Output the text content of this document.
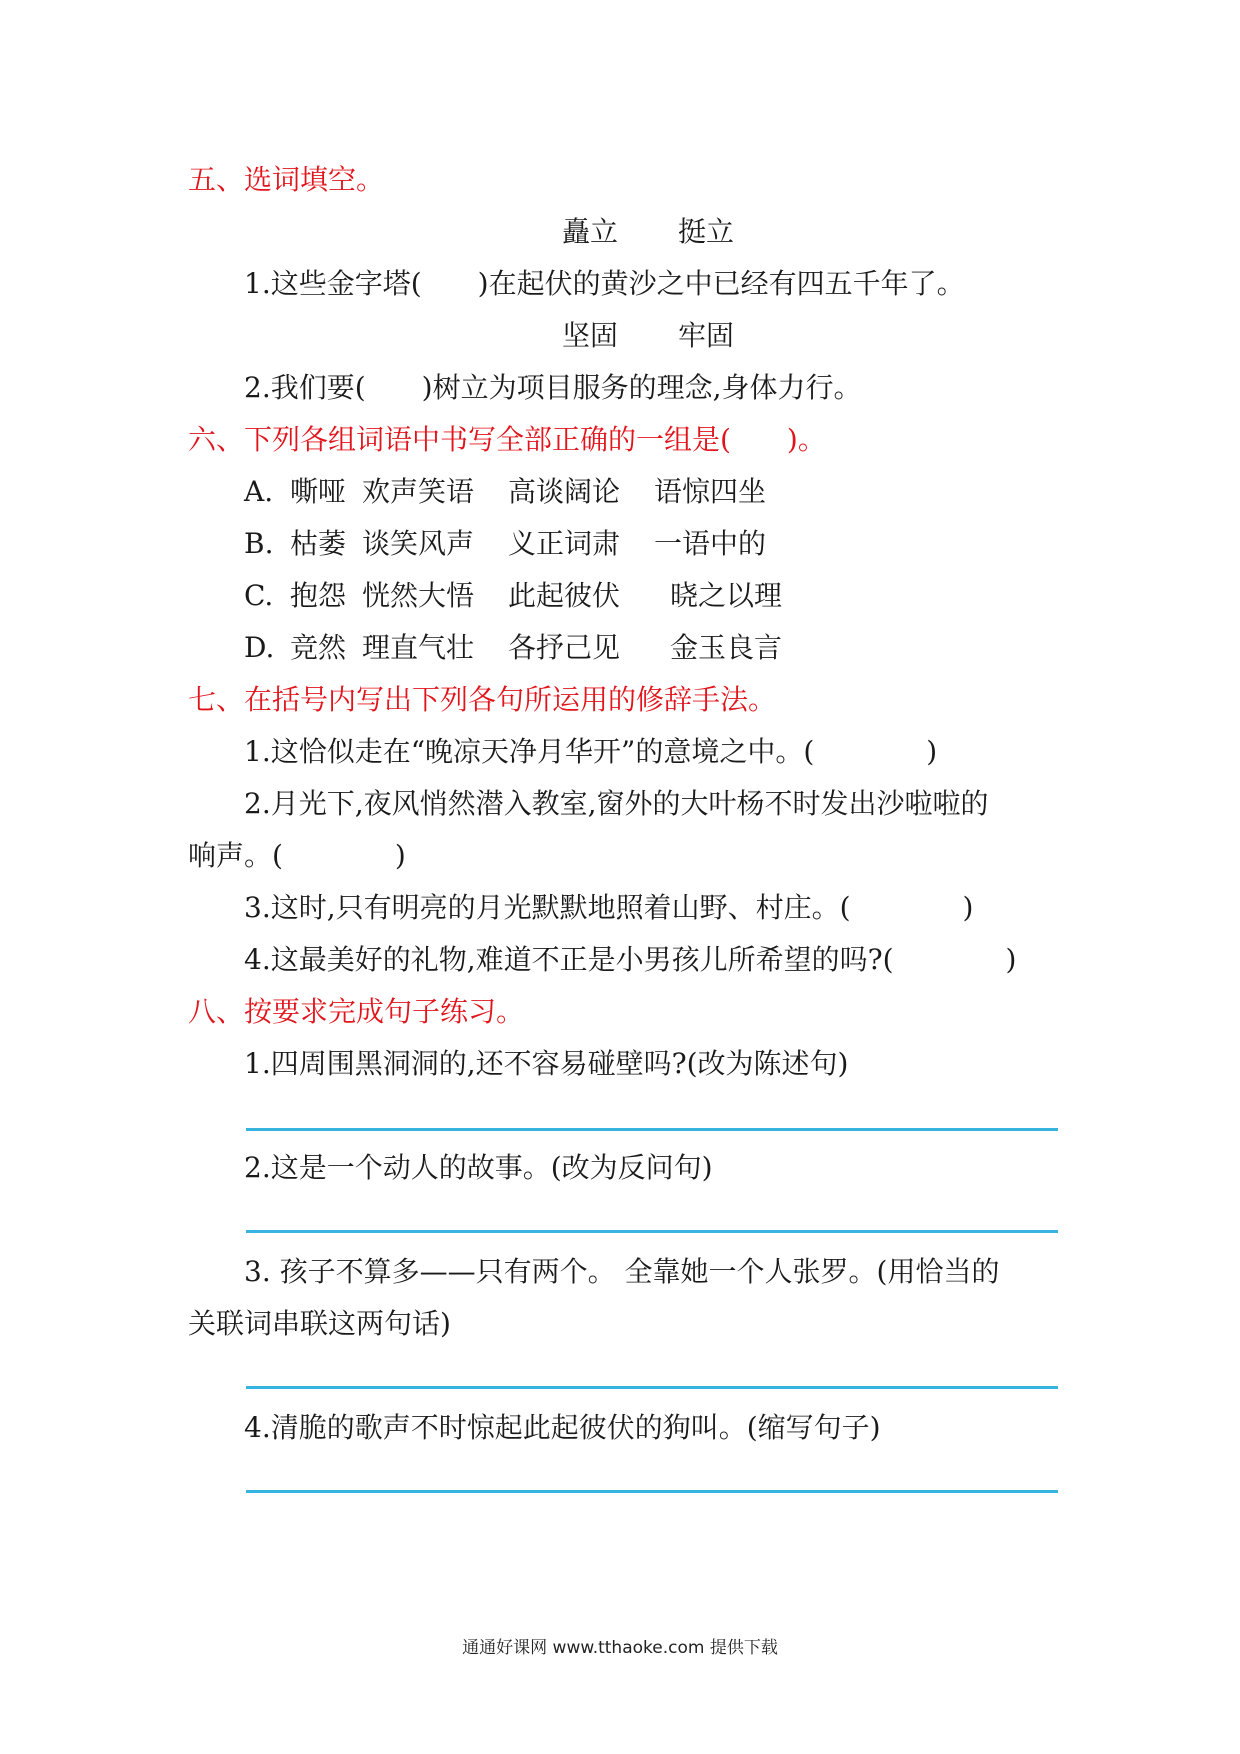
五、选词填空。
矗立 挺立
1.这些金字塔(　　)在起伏的黄沙之中已经有四五千年了。
坚固 牢固
2.我们要(　　)树立为项目服务的理念,身体力行。
六、下列各组词语中书写全部正确的一组是(　　)。
A. 嘶哑 欢声笑语 高谈阔论 语惊四坐
B. 枯萎 谈笑风声 义正词肃 一语中的
C. 抱怨 恍然大悟 此起彼伏 晓之以理
D. 竞然 理直气壮 各抒己见 金玉良言
七、在括号内写出下列各句所运用的修辞手法。
1.这恰似走在“晚凉天净月华开”的意境之中。(　　　　)
2.月光下,夜风悄然潜入教室,窗外的大叶杨不时发出沙啦啦的
响声。(　　　　)
3.这时,只有明亮的月光默默地照着山野、村庄。(　　　　)
4.这最美好的礼物,难道不正是小男孩儿所希望的吗?(　　　　)
八、按要求完成句子练习。
1.四周围黑洞洞的,还不容易碰壁吗?(改为陈述句)
2.这是一个动人的故事。(改为反问句)
3. 孩子不算多——只有两个。 全靠她一个人张罗。(用恰当的
关联词串联这两句话)
4.清脆的歌声不时惊起此起彼伏的狗叫。(缩写句子)
通通好课网 www.tthaoke.com 提供下载
